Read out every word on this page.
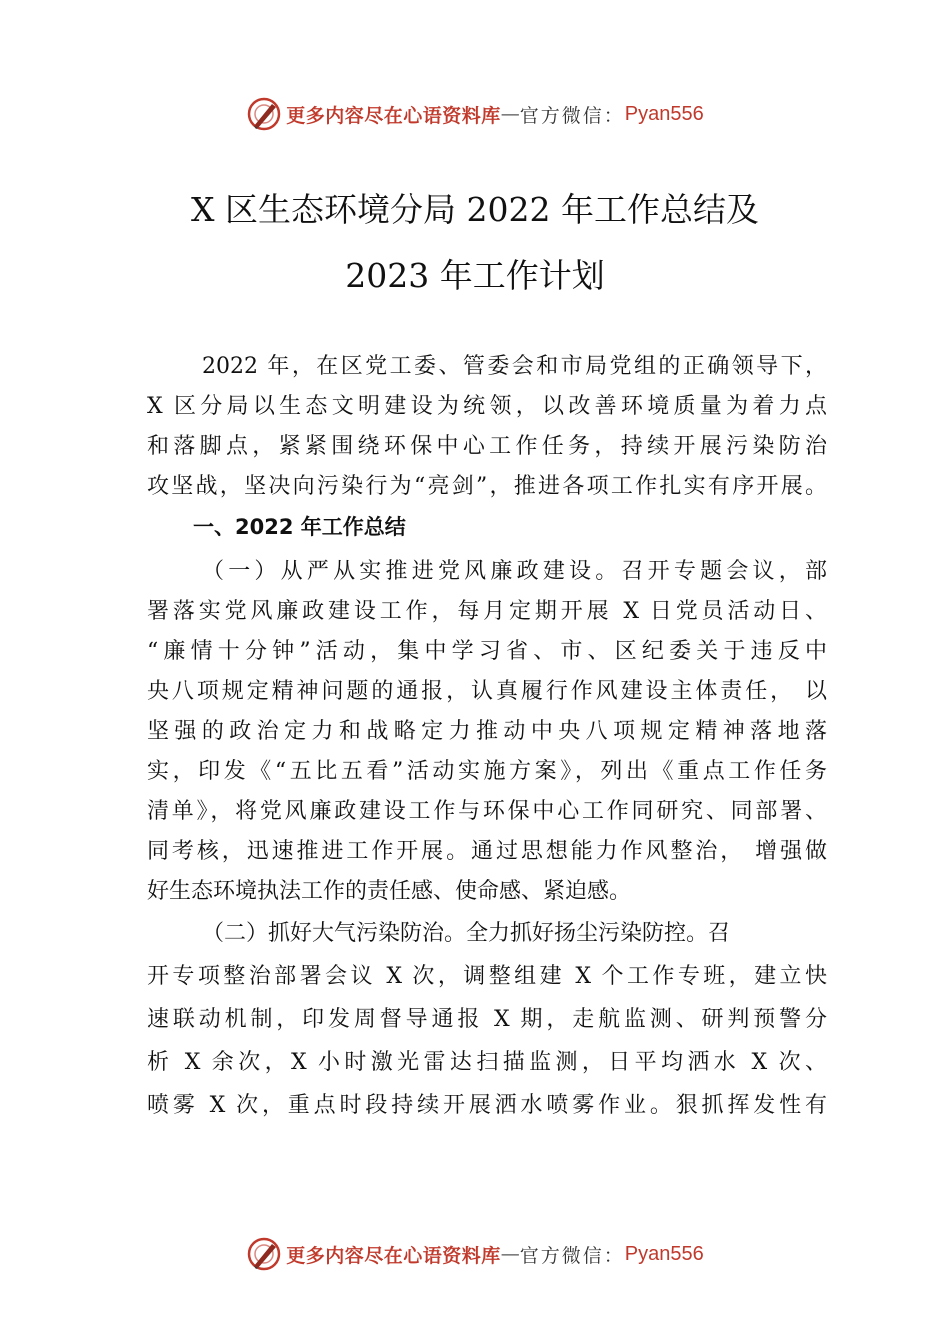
更多内容尽在心语资料库 — 官方微信： Pyan556
X 区生态环境分局 2022 年工作总结及
2023 年工作计划
2022 年，在区党工委、管委会和市局党组的正确领导下，
X 区分局以生态文明建设为统领，以改善环境质量为着力点
和落脚点，紧紧围绕环保中心工作任务，持续开展污染防治
攻坚战，坚决向污染行为“亮剑”，推进各项工作扎实有序开展。
一、2022 年工作总结
（一）从严从实推进党风廉政建设。召开专题会议，部
署落实党风廉政建设工作，每月定期开展 X 日党员活动日、
“廉情十分钟”活动，集中学习省、市、区纪委关于违反中
央八项规定精神问题的通报，认真履行作风建设主体责任， 以
坚强的政治定力和战略定力推动中央八项规定精神落地落
实，印发《“五比五看”活动实施方案》，列出《重点工作任务
清单》，将党风廉政建设工作与环保中心工作同研究、同部署、
同考核，迅速推进工作开展。通过思想能力作风整治， 增强做
好生态环境执法工作的责任感、使命感、紧迫感。
（二）抓好大气污染防治。全力抓好扬尘污染防控。召
开专项整治部署会议 X 次，调整组建 X 个工作专班，建立快
速联动机制，印发周督导通报 X 期，走航监测、研判预警分
析 X 余次，X 小时激光雷达扫描监测，日平均洒水 X 次、
喷雾 X 次，重点时段持续开展洒水喷雾作业。狠抓挥发性有
更多内容尽在心语资料库 — 官方微信： Pyan556
